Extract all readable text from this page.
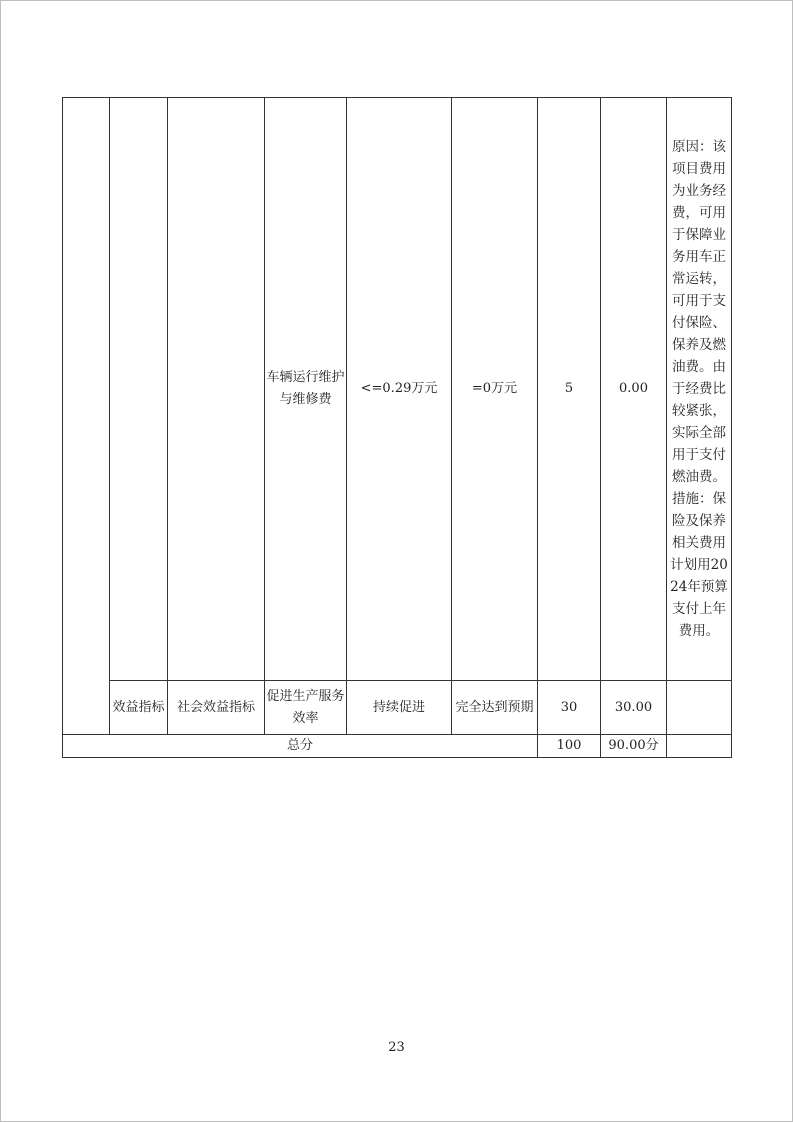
			车辆运行维护与维修费	<=0.29万元	=0万元	5	0.00	原因：该项目费用为业务经费，可用于保障业务用车正常运转，可用于支付保险、保养及燃油费。由于经费比较紧张，实际全部用于支付燃油费。措施：保险及保养相关费用计划用2024年预算支付上年费用。
	效益指标	社会效益指标	促进生产服务效率	持续促进	完全达到预期	30	30.00	
总分						100	90.00分	
23
